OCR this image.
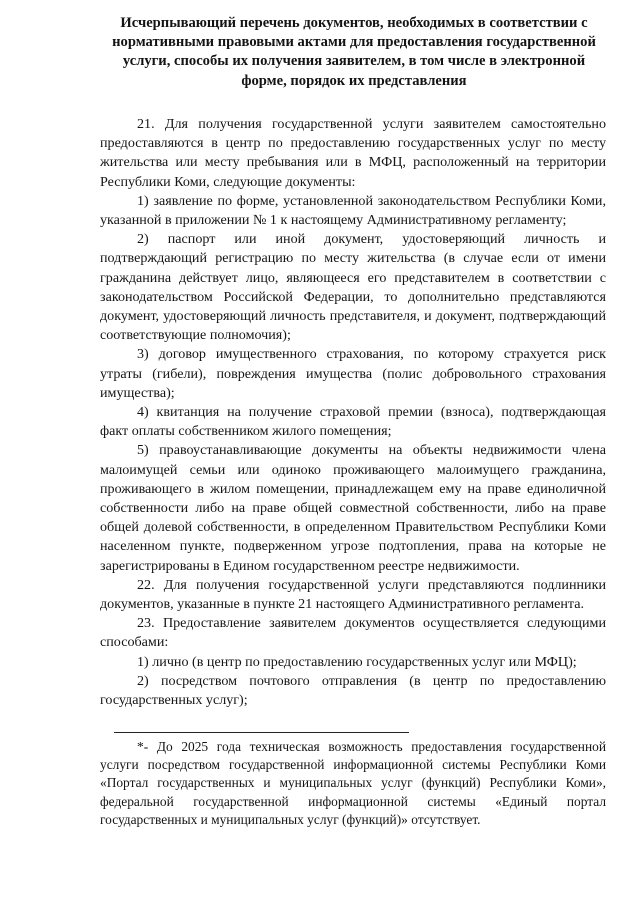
Исчерпывающий перечень документов, необходимых в соответствии с нормативными правовыми актами для предоставления государственной услуги, способы их получения заявителем, в том числе в электронной форме, порядок их представления

21. Для получения государственной услуги заявителем самостоятельно предоставляются в центр по предоставлению государственных услуг по месту жительства или месту пребывания или в МФЦ, расположенный на территории Республики Коми, следующие документы:

1) заявление по форме, установленной законодательством Республики Коми, указанной в приложении № 1 к настоящему Административному регламенту;

2) паспорт или иной документ, удостоверяющий личность и подтверждающий регистрацию по месту жительства (в случае если от имени гражданина действует лицо, являющееся его представителем в соответствии с законодательством Российской Федерации, то дополнительно представляются документ, удостоверяющий личность представителя, и документ, подтверждающий соответствующие полномочия);

3) договор имущественного страхования, по которому страхуется риск утраты (гибели), повреждения имущества (полис добровольного страхования имущества);

4) квитанция на получение страховой премии (взноса), подтверждающая факт оплаты собственником жилого помещения;

5) правоустанавливающие документы на объекты недвижимости члена малоимущей семьи или одиноко проживающего малоимущего гражданина, проживающего в жилом помещении, принадлежащем ему на праве единоличной собственности либо на праве общей совместной собственности, либо на праве общей долевой собственности, в определенном Правительством Республики Коми населенном пункте, подверженном угрозе подтопления, права на которые не зарегистрированы в Едином государственном реестре недвижимости.

22. Для получения государственной услуги представляются подлинники документов, указанные в пункте 21 настоящего Административного регламента.

23. Предоставление заявителем документов осуществляется следующими способами:

1) лично (в центр по предоставлению государственных услуг или МФЦ);

2) посредством почтового отправления (в центр по предоставлению государственных услуг);

*- До 2025 года техническая возможность предоставления государственной услуги посредством государственной информационной системы Республики Коми «Портал государственных и муниципальных услуг (функций) Республики Коми», федеральной государственной информационной системы «Единый портал государственных и муниципальных услуг (функций)» отсутствует.
